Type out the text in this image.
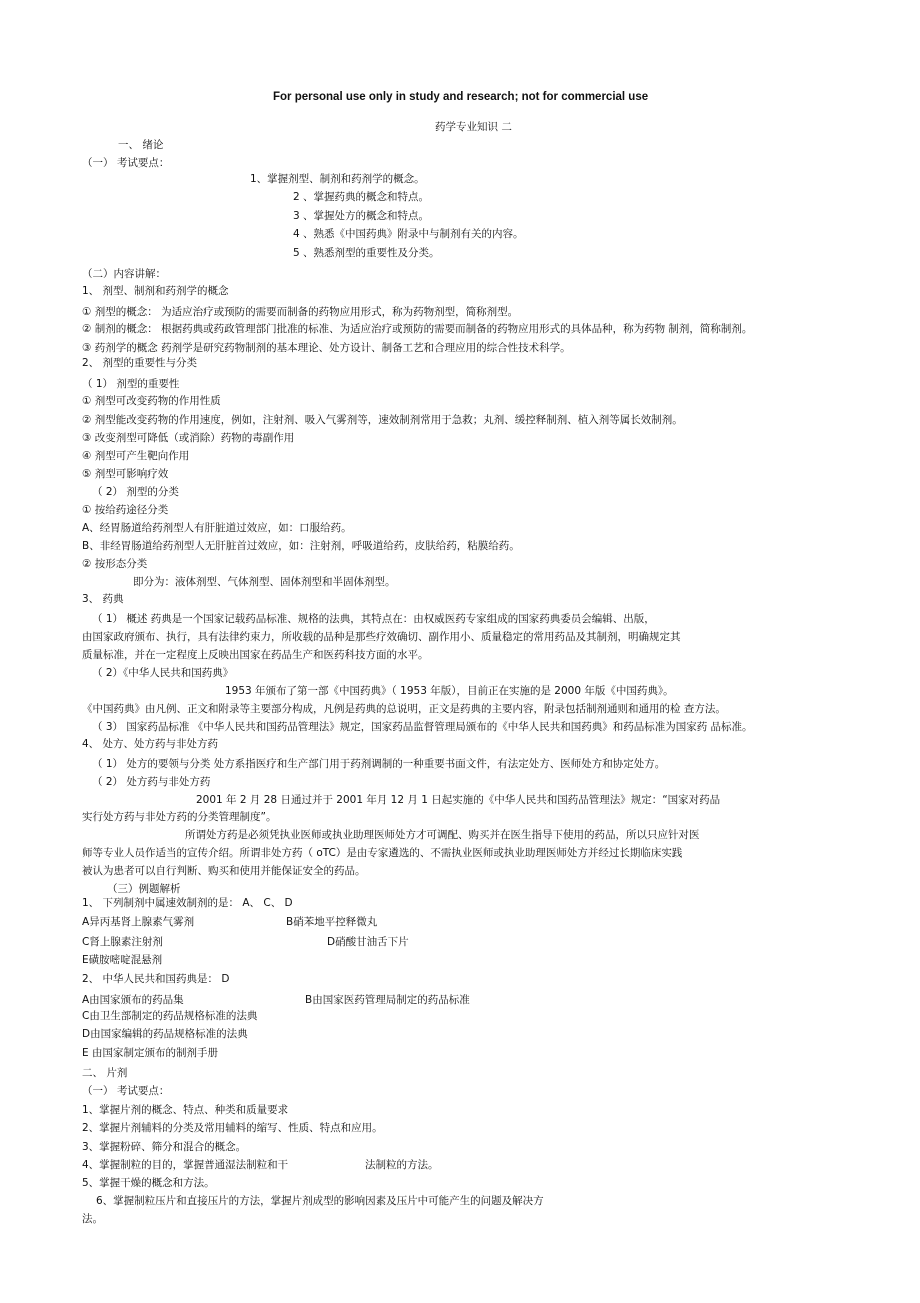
For personal use only in study and research; not for commercial use
药学专业知识 二
一、 绪论
（一） 考试要点：
1、掌握剂型、制剂和药剂学的概念。
2 、掌握药典的概念和特点。
3 、掌握处方的概念和特点。
4 、熟悉《中国药典》附录中与制剂有关的内容。
5 、熟悉剂型的重要性及分类。
（二）内容讲解：
1、 剂型、制剂和药剂学的概念
① 剂型的概念： 为适应治疗或预防的需要而制备的药物应用形式，称为药物剂型，简称剂型。
② 制剂的概念： 根据药典或药政管理部门批准的标准、为适应治疗或预防的需要而制备的药物应用形式的具体品种，称为药物 制剂，简称制剂。
③ 药剂学的概念 药剂学是研究药物制剂的基本理论、处方设计、制备工艺和合理应用的综合性技术科学。
2、 剂型的重要性与分类
（ 1） 剂型的重要性
① 剂型可改变药物的作用性质
② 剂型能改变药物的作用速度，例如，注射剂、吸入气雾剂等，速效制剂常用于急救；丸剂、缓控释制剂、植入剂等属长效制剂。
③ 改变剂型可降低（或消除）药物的毒副作用
④ 剂型可产生靶向作用
⑤ 剂型可影响疗效
（ 2） 剂型的分类
① 按给药途径分类
A、经胃肠道给药剂型人有肝脏道过效应，如：口服给药。
B、非经胃肠道给药剂型人无肝脏首过效应，如：注射剂，呼吸道给药，皮肤给药，粘膜给药。
② 按形态分类
即分为：液体剂型、气体剂型、固体剂型和半固体剂型。
3、 药典
（ 1） 概述 药典是一个国家记载药品标准、规格的法典，其特点在：由权威医药专家组成的国家药典委员会编辑、出版，
由国家政府颁布、执行，具有法律约束力，所收载的品种是那些疗效确切、副作用小、质量稳定的常用药品及其制剂，明确规定其
质量标准，并在一定程度上反映出国家在药品生产和医药科技方面的水平。
（ 2）《中华人民共和国药典》
1953 年颁布了第一部《中国药典》（ 1953 年版），目前正在实施的是 2000 年版《中国药典》。
《中国药典》由凡例、正文和附录等主要部分构成，凡例是药典的总说明，正文是药典的主要内容，附录包括制剂通则和通用的检 查方法。
（ 3） 国家药品标准 《中华人民共和国药品管理法》规定，国家药品监督管理局颁布的《中华人民共和国药典》和药品标准为国家药 品标准。
4、 处方、处方药与非处方药
（ 1） 处方的要领与分类 处方系指医疗和生产部门用于药剂调制的一种重要书面文件，有法定处方、医师处方和协定处方。
（ 2） 处方药与非处方药
2001 年 2 月 28 日通过并于 2001 年月 12 月 1 日起实施的《中华人民共和国药品管理法》规定：“国家对药品
实行处方药与非处方药的分类管理制度”。
所谓处方药是必须凭执业医师或执业助理医师处方才可调配、购买并在医生指导下使用的药品，所以只应针对医
师等专业人员作适当的宣传介绍。所谓非处方药（ oTC）是由专家遴选的、不需执业医师或执业助理医师处方并经过长期临床实践
被认为患者可以自行判断、购买和使用并能保证安全的药品。
（三）例题解析
1、 下列制剂中属速效制剂的是： A、 C、 D
A异丙基肾上腺素气雾剂	B硝苯地平控释微丸
C肾上腺素注射剂	D硝酸甘油舌下片
E磺胺嘧啶混悬剂
2、 中华人民共和国药典是： D
A由国家颁布的药品集	B由国家医药管理局制定的药品标准
C由卫生部制定的药品规格标准的法典
D由国家编辑的药品规格标准的法典
E 由国家制定颁布的制剂手册
二、 片剂
（一） 考试要点：
1、掌握片剂的概念、特点、种类和质量要求
2、掌握片剂辅料的分类及常用辅料的缩写、性质、特点和应用。
3、掌握粉碎、筛分和混合的概念。
4、掌握制粒的目的，掌握普通湿法制粒和干	法制粒的方法。
5、掌握干燥的概念和方法。
6、掌握制粒压片和直接压片的方法，掌握片剂成型的影响因素及压片中可能产生的问题及解决方
法。
